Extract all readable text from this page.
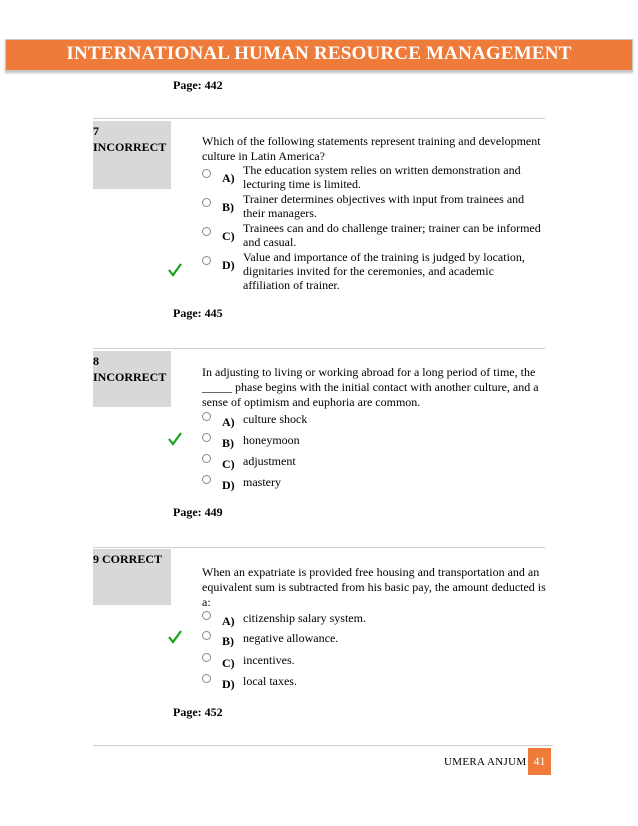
INTERNATIONAL HUMAN RESOURCE MANAGEMENT
Page: 442
7
INCORRECT	Which of the following statements represent training and development culture in Latin America?
A)
The education system relies on written demonstration and lecturing time is limited.
B)
Trainer determines objectives with input from trainees and their managers.
C)
Trainees can and do challenge trainer; trainer can be informed and casual.
D)
Value and importance of the training is judged by location, dignitaries invited for the ceremonies, and academic affiliation of trainer.
Page: 445
8
INCORRECT	In adjusting to living or working abroad for a long period of time, the _____ phase begins with the initial contact with another culture, and a sense of optimism and euphoria are common.
A) culture shock
B) honeymoon
C) adjustment
D) mastery
Page: 449
9 CORRECT
When an expatriate is provided free housing and transportation and an equivalent sum is subtracted from his basic pay, the amount deducted is a:
A) citizenship salary system.
B) negative allowance.
C) incentives.
D) local taxes.
Page: 452
UMERA ANJUM 41
